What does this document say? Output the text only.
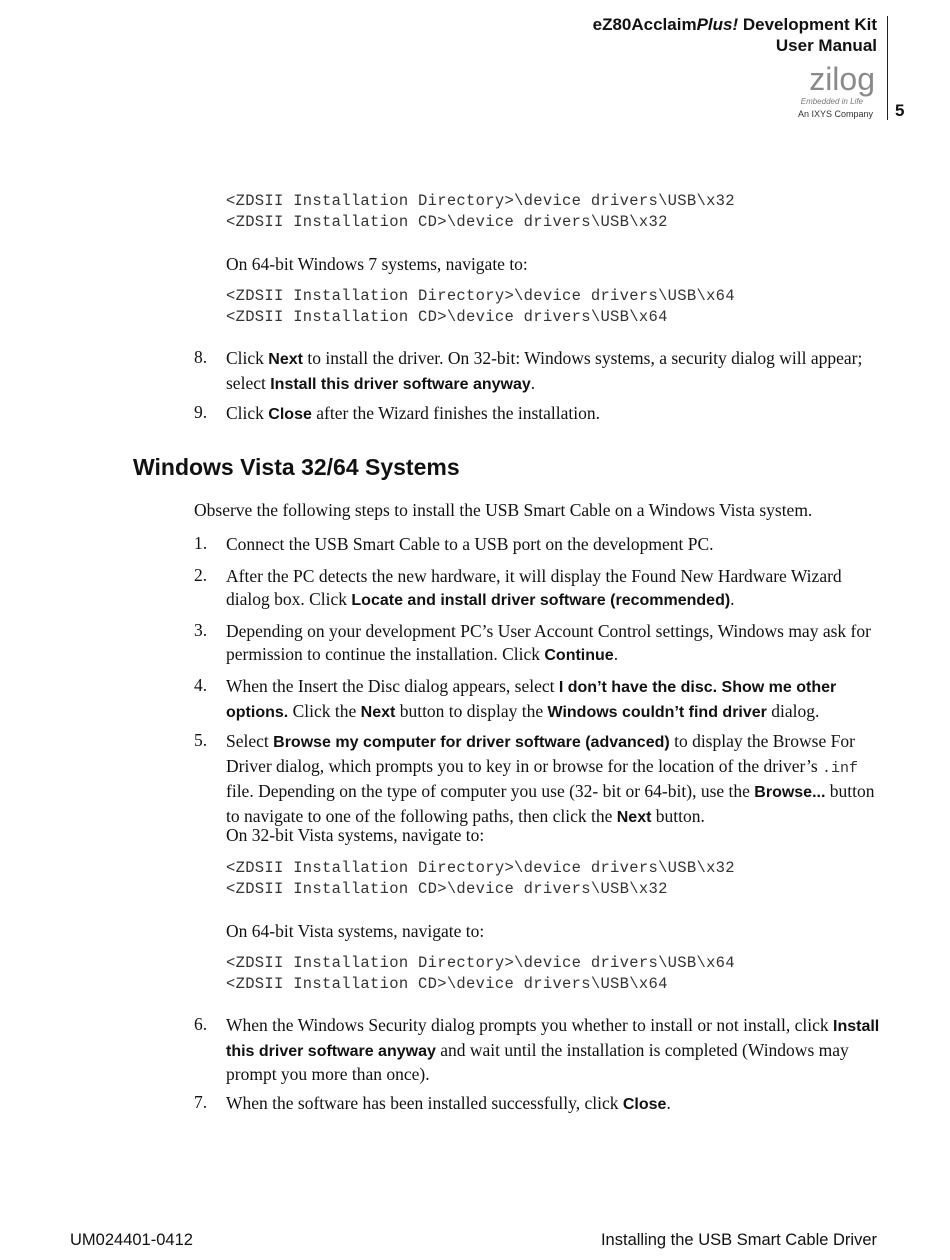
eZ80AcclaimPlus! Development Kit
User Manual
5
zilog
Embedded in Life
An IXYS Company
<ZDSII Installation Directory>\device drivers\USB\x32
<ZDSII Installation CD>\device drivers\USB\x32
On 64-bit Windows 7 systems, navigate to:
<ZDSII Installation Directory>\device drivers\USB\x64
<ZDSII Installation CD>\device drivers\USB\x64
8. Click Next to install the driver. On 32-bit: Windows systems, a security dialog will appear; select Install this driver software anyway.
9. Click Close after the Wizard finishes the installation.
Windows Vista 32/64 Systems
Observe the following steps to install the USB Smart Cable on a Windows Vista system.
1. Connect the USB Smart Cable to a USB port on the development PC.
2. After the PC detects the new hardware, it will display the Found New Hardware Wizard dialog box. Click Locate and install driver software (recommended).
3. Depending on your development PC’s User Account Control settings, Windows may ask for permission to continue the installation. Click Continue.
4. When the Insert the Disc dialog appears, select I don’t have the disc. Show me other options. Click the Next button to display the Windows couldn’t find driver dialog.
5. Select Browse my computer for driver software (advanced) to display the Browse For Driver dialog, which prompts you to key in or browse for the location of the driver’s .inf file. Depending on the type of computer you use (32- bit or 64-bit), use the Browse... button to navigate to one of the following paths, then click the Next button.
On 32-bit Vista systems, navigate to:
<ZDSII Installation Directory>\device drivers\USB\x32
<ZDSII Installation CD>\device drivers\USB\x32
On 64-bit Vista systems, navigate to:
<ZDSII Installation Directory>\device drivers\USB\x64
<ZDSII Installation CD>\device drivers\USB\x64
6. When the Windows Security dialog prompts you whether to install or not install, click Install this driver software anyway and wait until the installation is completed (Windows may prompt you more than once).
7. When the software has been installed successfully, click Close.
UM024401-0412	Installing the USB Smart Cable Driver
